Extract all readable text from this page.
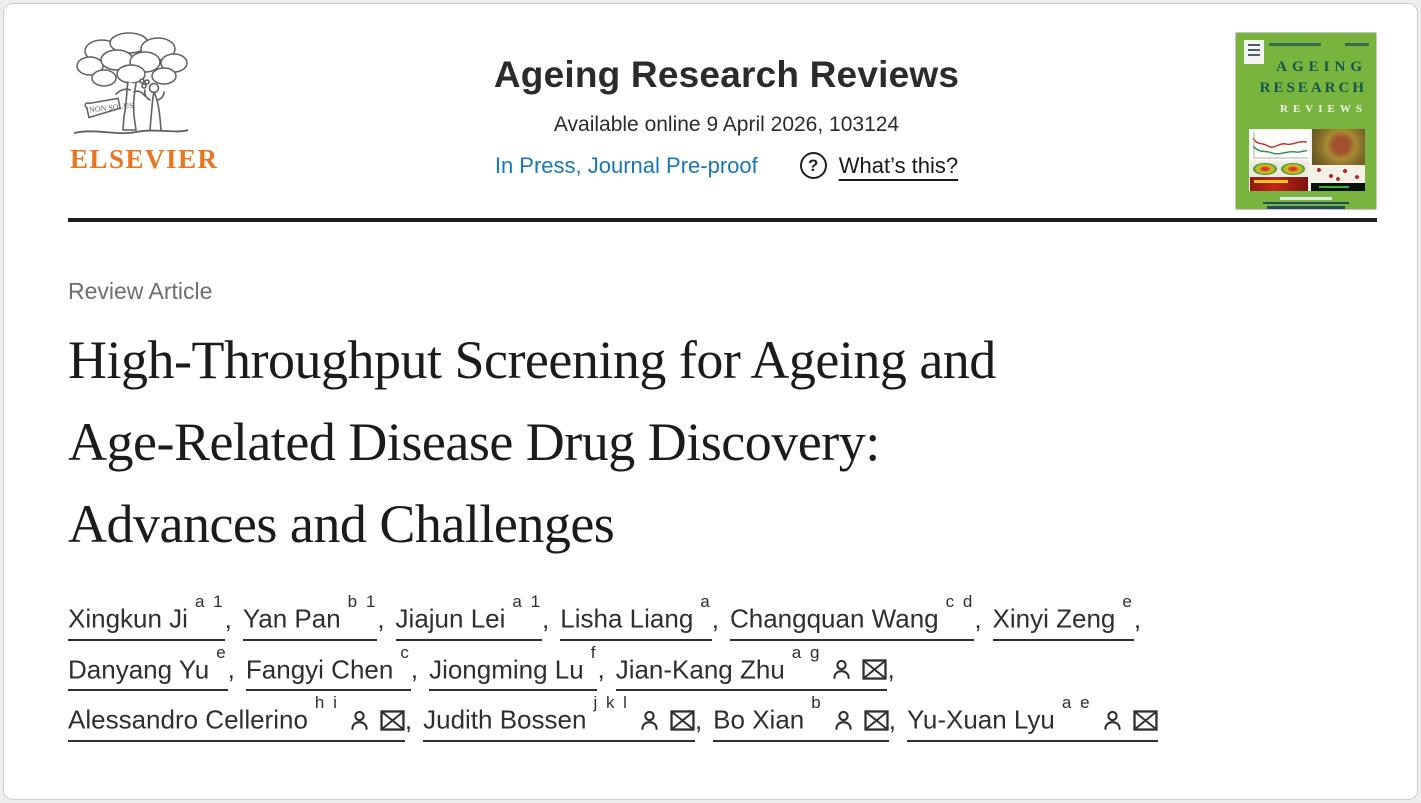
NON SOLUS
ELSEVIER
Ageing Research Reviews
Available online 9 April 2026, 103124
In Press, Journal Pre-proof	? What’s this?
AGEING
RESEARCH
REVIEWS
Review Article
High-Throughput Screening for Ageing and
Age-Related Disease Drug Discovery:
Advances and Challenges
Xingkun $Ji^{a 1}$, Yan Pan$^{b 1}$, Jiajun Lei$^{a 1}$, Lisha Liang$^a$, Changquan Wang$^{c d}$, Xinyi Zeng$^e$,
Danyang Yu$^e$, Fangyi Chen$^c$, Jiongming Lu$^f$, Jian-Kang Zhu$^{a g}$,
Alessandro Cellerino$^{h i}$, Judith Bossen$^{j k l}$, Bo Xian$^b$, Yu-Xuan Lyu$^{a e}$
